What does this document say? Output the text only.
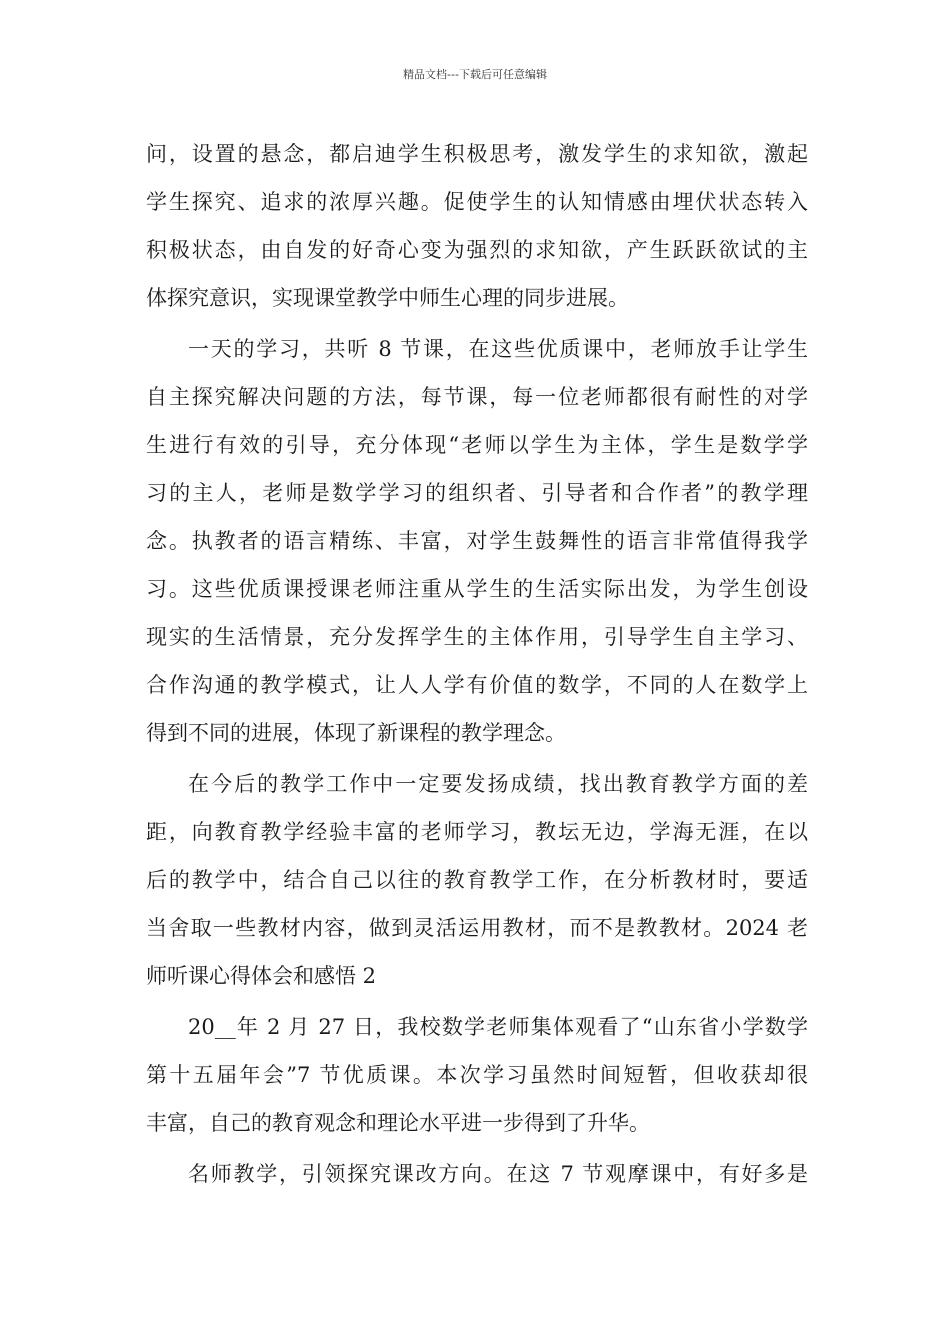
精品文档---下载后可任意编辑
问，设置的悬念，都启迪学生积极思考，激发学生的求知欲，激起
学生探究、追求的浓厚兴趣。促使学生的认知情感由埋伏状态转入
积极状态，由自发的好奇心变为强烈的求知欲，产生跃跃欲试的主
体探究意识，实现课堂教学中师生心理的同步进展。
一天的学习，共听 8 节课，在这些优质课中，老师放手让学生
自主探究解决问题的方法，每节课，每一位老师都很有耐性的对学
生进行有效的引导，充分体现“老师以学生为主体，学生是数学学
习的主人，老师是数学学习的组织者、引导者和合作者”的教学理
念。执教者的语言精练、丰富，对学生鼓舞性的语言非常值得我学
习。这些优质课授课老师注重从学生的生活实际出发，为学生创设
现实的生活情景，充分发挥学生的主体作用，引导学生自主学习、
合作沟通的教学模式，让人人学有价值的数学，不同的人在数学上
得到不同的进展，体现了新课程的教学理念。
在今后的教学工作中一定要发扬成绩，找出教育教学方面的差
距，向教育教学经验丰富的老师学习，教坛无边，学海无涯，在以
后的教学中，结合自己以往的教育教学工作，在分析教材时，要适
当舍取一些教材内容，做到灵活运用教材，而不是教教材。2024 老
师听课心得体会和感悟 2
20__年 2 月 27 日，我校数学老师集体观看了“山东省小学数学
第十五届年会”7 节优质课。本次学习虽然时间短暂，但收获却很
丰富，自己的教育观念和理论水平进一步得到了升华。
名师教学，引领探究课改方向。在这 7 节观摩课中，有好多是
